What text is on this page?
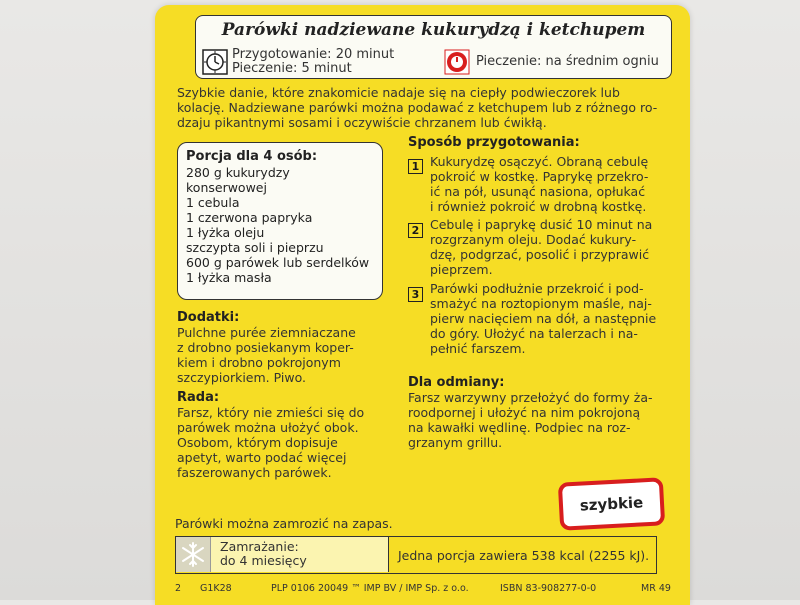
Parówki nadziewane kukurydzą i ketchupem
Przygotowanie: 20 minut
Pieczenie: 5 minut	Pieczenie: na średnim ogniu
Szybkie danie, które znakomicie nadaje się na ciepły podwieczorek lub
kolację. Nadziewane parówki można podawać z ketchupem lub z różnego ro-
dzaju pikantnymi sosami i oczywiście chrzanem lub ćwikłą.
Porcja dla 4 osób:
280 g kukurydzy
konserwowej
1 cebula
1 czerwona papryka
1 łyżka oleju
szczypta soli i pieprzu
600 g parówek lub serdelków
1 łyżka masła
Dodatki:
Pulchne purée ziemniaczane
z drobno posiekanym koper-
kiem i drobno pokrojonym
szczypiorkiem. Piwo.
Rada:
Farsz, który nie zmieści się do
parówek można ułożyć obok.
Osobom, którym dopisuje
apetyt, warto podać więcej
faszerowanych parówek.
Sposób przygotowania:
1 Kukurydzę osączyć. Obraną cebulę
pokroić w kostkę. Paprykę przekro-
ić na pół, usunąć nasiona, opłukać
i również pokroić w drobną kostkę.
2 Cebulę i paprykę dusić 10 minut na
rozgrzanym oleju. Dodać kukury-
dzę, podgrzać, posolić i przyprawić
pieprzem.
3 Parówki podłużnie przekroić i pod-
smażyć na roztopionym maśle, naj-
pierw nacięciem na dół, a następnie
do góry. Ułożyć na talerzach i na-
pełnić farszem.
Dla odmiany:
Farsz warzywny przełożyć do formy ża-
roodpornej i ułożyć na nim pokrojoną
na kawałki wędlinę. Podpiec na roz-
grzanym grillu.
szybkie
Parówki można zamrozić na zapas.
Zamrażanie:
do 4 miesięcy	Jedna porcja zawiera 538 kcal (2255 kJ).
2 G1K28	PLP 0106 20049 ™ IMP BV / IMP Sp. z o.o.	ISBN 83-908277-0-0	MR 49
